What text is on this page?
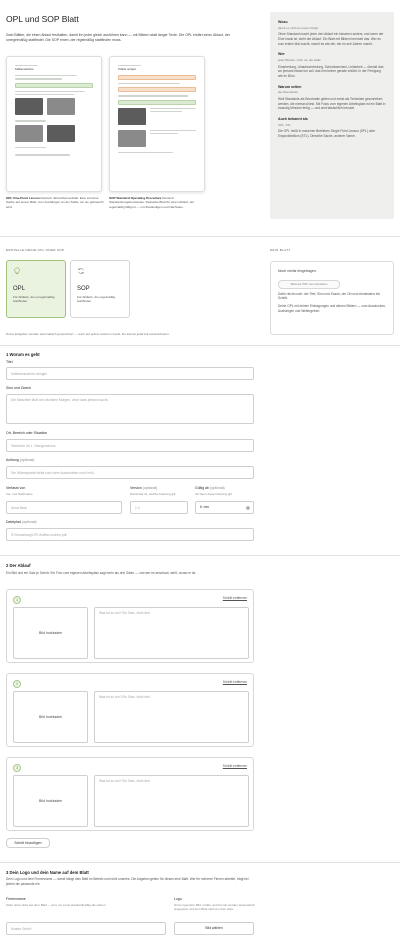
OPL und SOP Blatt

Zwei Blätter, die einen Ablauf festhalten, damit ihn jeder gleich ausführen kann — mit Bildern statt langer Texte. Die OPL erklärt einen Ablauf, der unregelmäßig stattfindet. Die SOP einen, der regelmäßig stattfinden muss.

Wozu
damit es nicht an einem hängt
Ohne Standard macht jeder den Ablauf ein bisschen anders, und wenn der Eine krank ist, steht der Ablauf. Ein Blatt mit Bildern beendet das: Wer es zum ersten Mal macht, macht es wie der, der es seit Jahren macht.
Wer
jeder Betrieb, nicht nur die Halle
Einarbeitung, Urlaubsvertretung, Schichtwechsel, Leiharbeit — überall dort, wo jemand etwas tun soll, das ihm keiner gerade erklärt. In der Fertigung wie im Büro.
Warum selten
der Dienstleiter
Weil Standards als Bürokratie gelten und meist als Textwüste geschrieben werden, die niemand liest. Mit Fotos vom eigenen Arbeitsplatz ist ein Blatt in zwanzig Minuten fertig — und wird tatsächlich benutzt.
Auch bekannt als
OPL, STL
Die OPL heißt in manchen Betrieben Single Point Lesson (SPL) oder Einpunktlektion (ETL). Dieselbe Sache, anderer Name.
Kaffeemaschine	Toilette reinigen

OPL One-Point Lesson Deutsch: Einzelthemenblatt. Eine einzelne Sache auf einem Blatt, zum Aushängen an der Stelle, wo sie gebraucht wird.

SOP Standard Operating Procedure Deutsch: Standardvorgehensweise. Dasselbe Blatt für einen Ablauf, der regelmäßig fällig ist — mit Zuständigen und Nachweis.

ERSTELLE DEINE OPL ODER SOP
OPL
Für Abläufe, die unregelmäßig stattfinden.
SOP
Für Abläufe, die regelmäßig stattfinden.

Deine Eingaben werden automatisch gespeichert — auch auf jedem anderen Gerät. Du kannst jederzeit weiterarbeiten.

DEIN BLATT
Noch nichts eingetragen.
Blatt als PDF herunterladen
Dafür reicht noch: der Titel, Sinn und Zweck, der Ort und mindestens ein Schritt.
Deine OPL mit deinen Eintragungen und deinen Bildern — zum Ausdrucken, Aushängen und Weitergeben.
1 Worum es geht
Titel
Kaffeemaschine reinigen
Sinn und Zweck
Die Maschine läuft am nächsten Morgen, ohne dass jemand sucht.
Ort, Bereich oder Situation
Teeküche im 1. Obergeschoss
Achtung (optional)
Die Wärmeplatte bleibt nach dem Ausschalten noch heiß.
Verfasst von
Vor- und Nachname
Anna Beck
Version (optional)
Damit klar ist, welche Fassung gilt
1.0
Gültig ab (optional)
Ab wann diese Fassung gilt
6. mm	▦
Dateipfad (optional)
S:\Verwaltung\OPL\Kaffee-kochen.pdf
2 Der Ablauf

Ein Bild und ein Satz je Schritt. Ein Foto vom eigenen Arbeitsplatz sagt mehr als drei Sätze — und wer es anschaut, weiß, woran er ist.

1	Schritt entfernen
Bild hochladen
Was ist zu tun? Ein Satz, nicht drei.
2	Schritt entfernen
Bild hochladen
Was ist zu tun? Ein Satz, nicht drei.
3	Schritt entfernen
Bild hochladen
Was ist zu tun? Ein Satz, nicht drei.
Schritt hinzufügen
3 Dein Logo und dein Name auf dem Blatt

Dein Logo und dein Firmenname — damit hängt dein Blatt im Betrieb und nicht unseres. Die Angaben gelten für dieses eine Blatt. Wer für mehrere Firmen arbeitet, trägt bei jedem die passende ein.

Firmenname
Steht unten links auf dem Blatt — dort, wo sonst standardmäßig die stehen
Muster GmbH
Logo
Nimm irgendein Bild. Größe und Format werden automatisch angepasst. Auf dem Blatt steht es oben links.
Bild wählen
